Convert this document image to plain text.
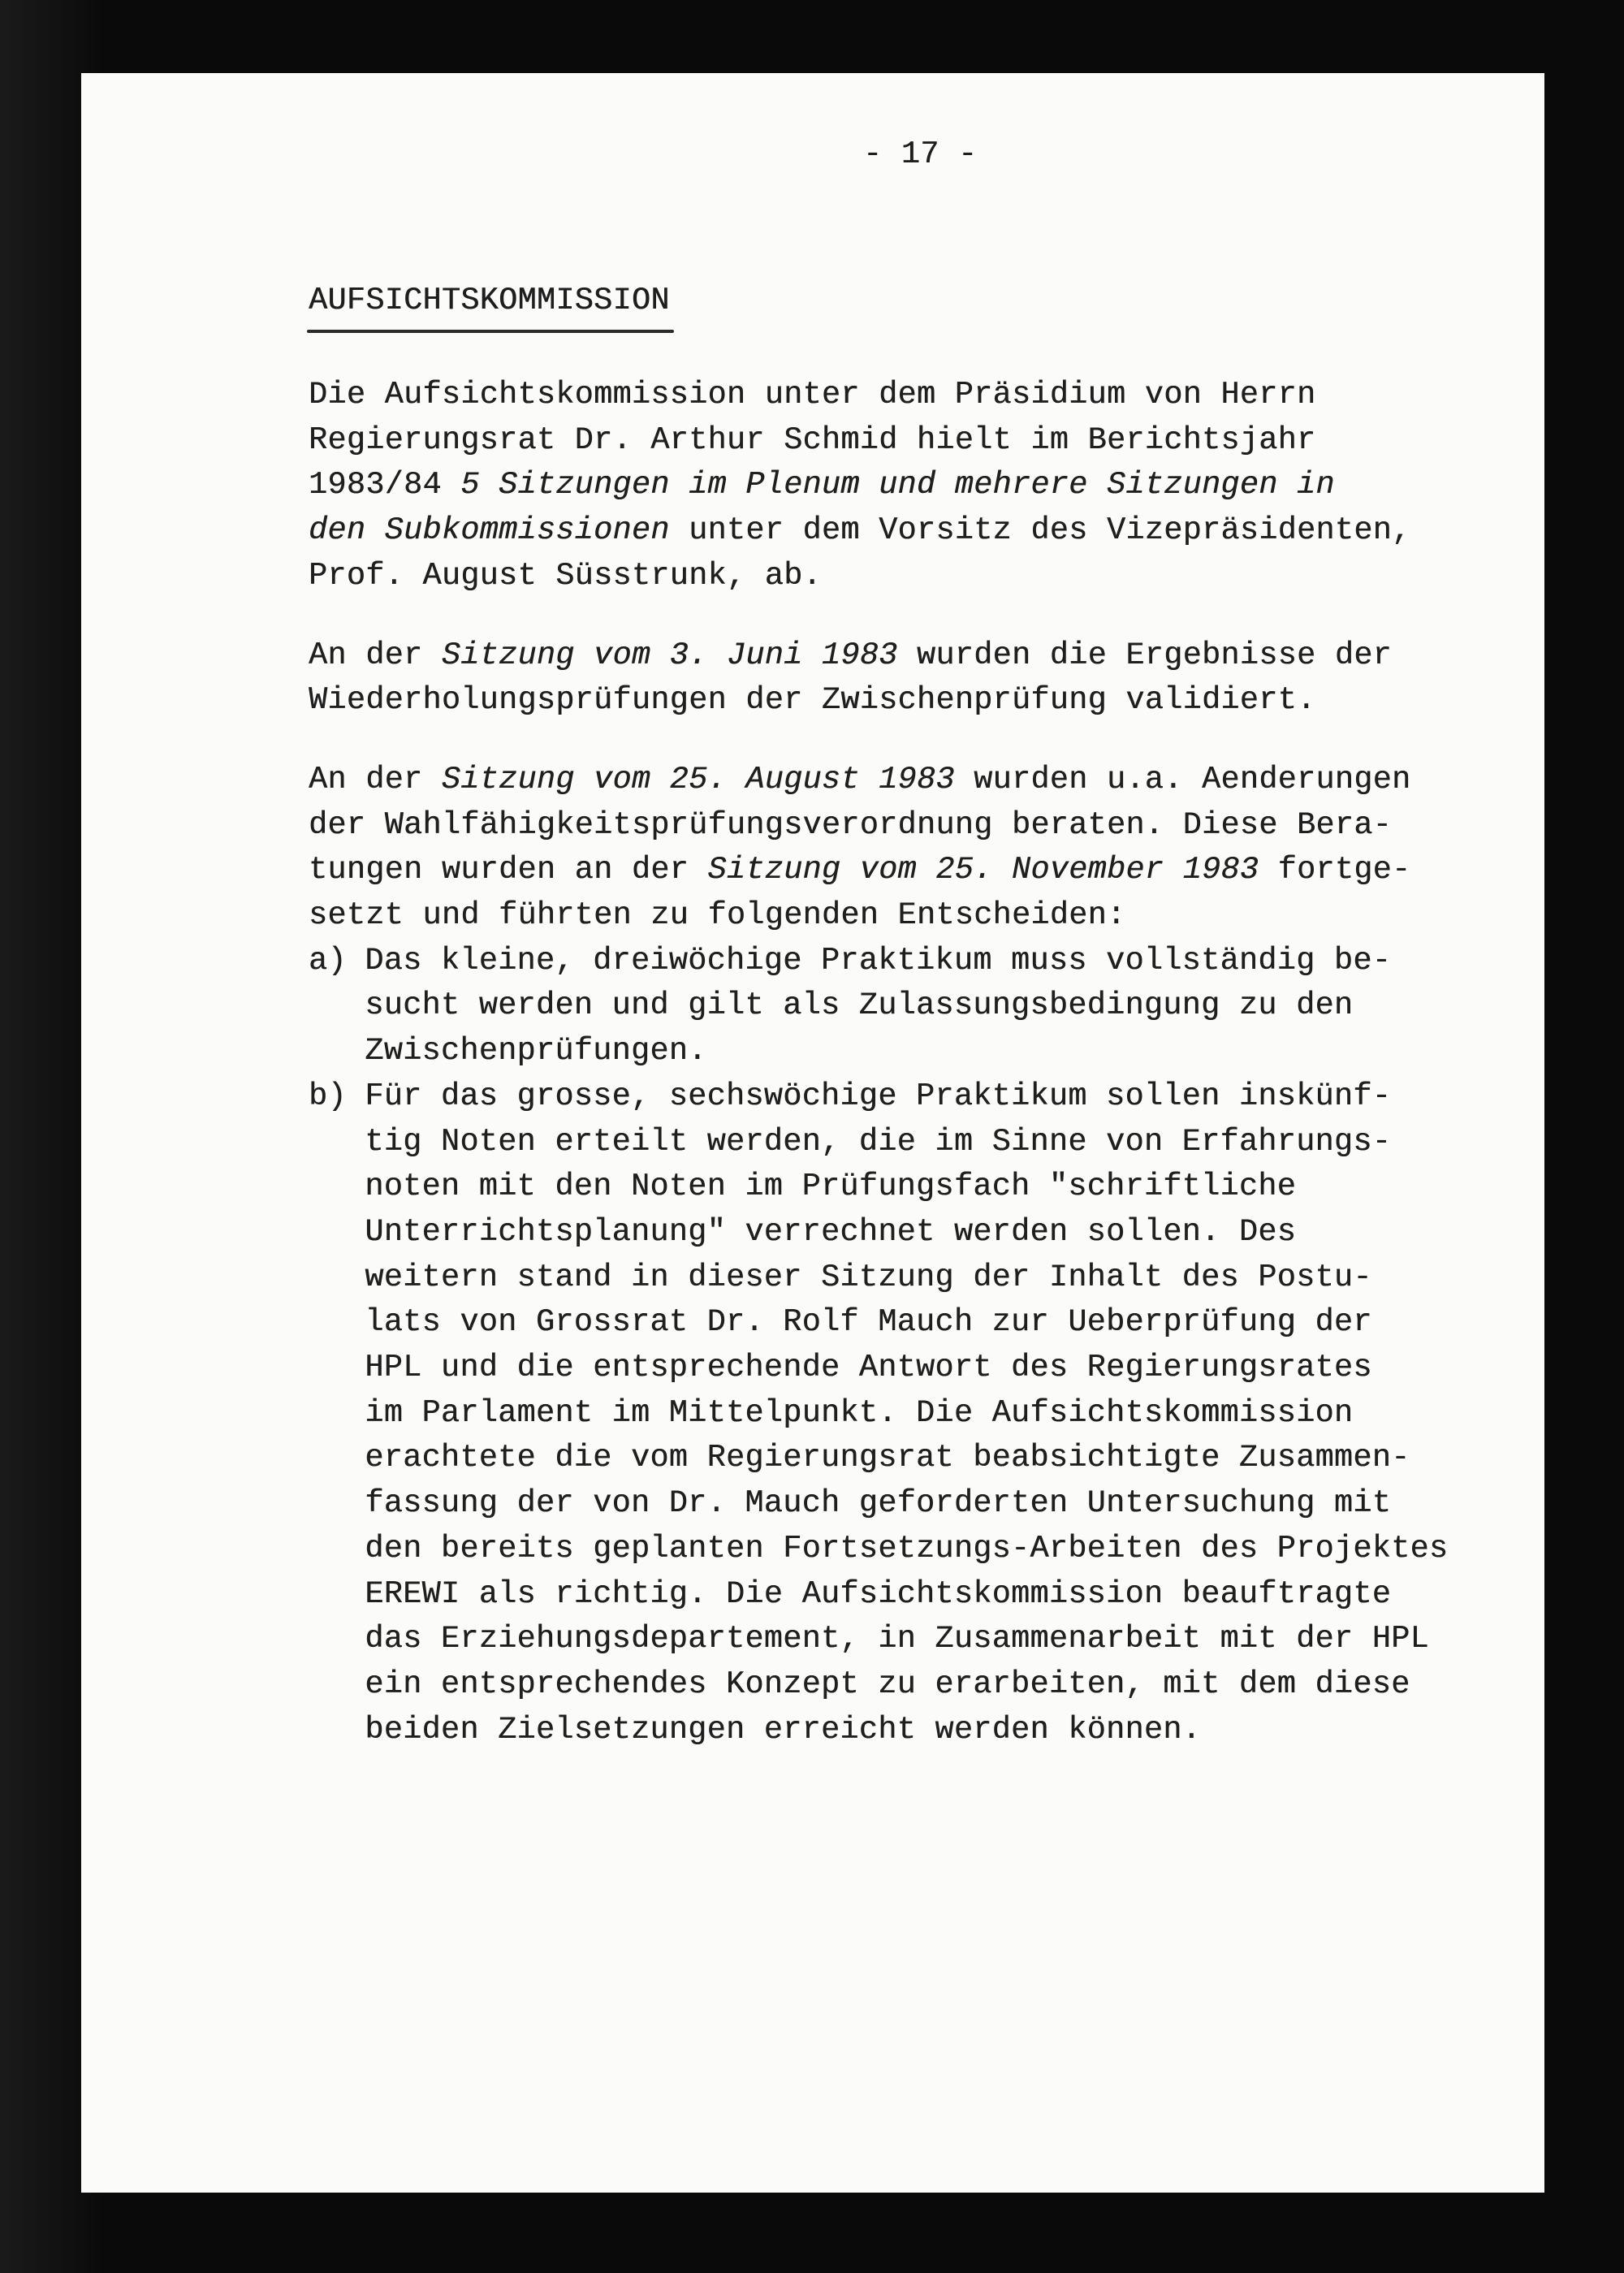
- 17 -
AUFSICHTSKOMMISSION
Die Aufsichtskommission unter dem Präsidium von Herrn
Regierungsrat Dr. Arthur Schmid hielt im Berichtsjahr
1983/84 5 Sitzungen im Plenum und mehrere Sitzungen in
den Subkommissionen unter dem Vorsitz des Vizepräsidenten,
Prof. August Süsstrunk, ab.
An der Sitzung vom 3. Juni 1983 wurden die Ergebnisse der
Wiederholungsprüfungen der Zwischenprüfung validiert.
An der Sitzung vom 25. August 1983 wurden u.a. Aenderungen
der Wahlfähigkeitsprüfungsverordnung beraten. Diese Bera-
tungen wurden an der Sitzung vom 25. November 1983 fortge-
setzt und führten zu folgenden Entscheiden:
a) Das kleine, dreiwöchige Praktikum muss vollständig be-
sucht werden und gilt als Zulassungsbedingung zu den
Zwischenprüfungen.
b) Für das grosse, sechswöchige Praktikum sollen inskünf-
tig Noten erteilt werden, die im Sinne von Erfahrungs-
noten mit den Noten im Prüfungsfach "schriftliche
Unterrichtsplanung" verrechnet werden sollen. Des
weitern stand in dieser Sitzung der Inhalt des Postu-
lats von Grossrat Dr. Rolf Mauch zur Ueberprüfung der
HPL und die entsprechende Antwort des Regierungsrates
im Parlament im Mittelpunkt. Die Aufsichtskommission
erachtete die vom Regierungsrat beabsichtigte Zusammen-
fassung der von Dr. Mauch geforderten Untersuchung mit
den bereits geplanten Fortsetzungs-Arbeiten des Projektes
EREWI als richtig. Die Aufsichtskommission beauftragte
das Erziehungsdepartement, in Zusammenarbeit mit der HPL
ein entsprechendes Konzept zu erarbeiten, mit dem diese
beiden Zielsetzungen erreicht werden können.
